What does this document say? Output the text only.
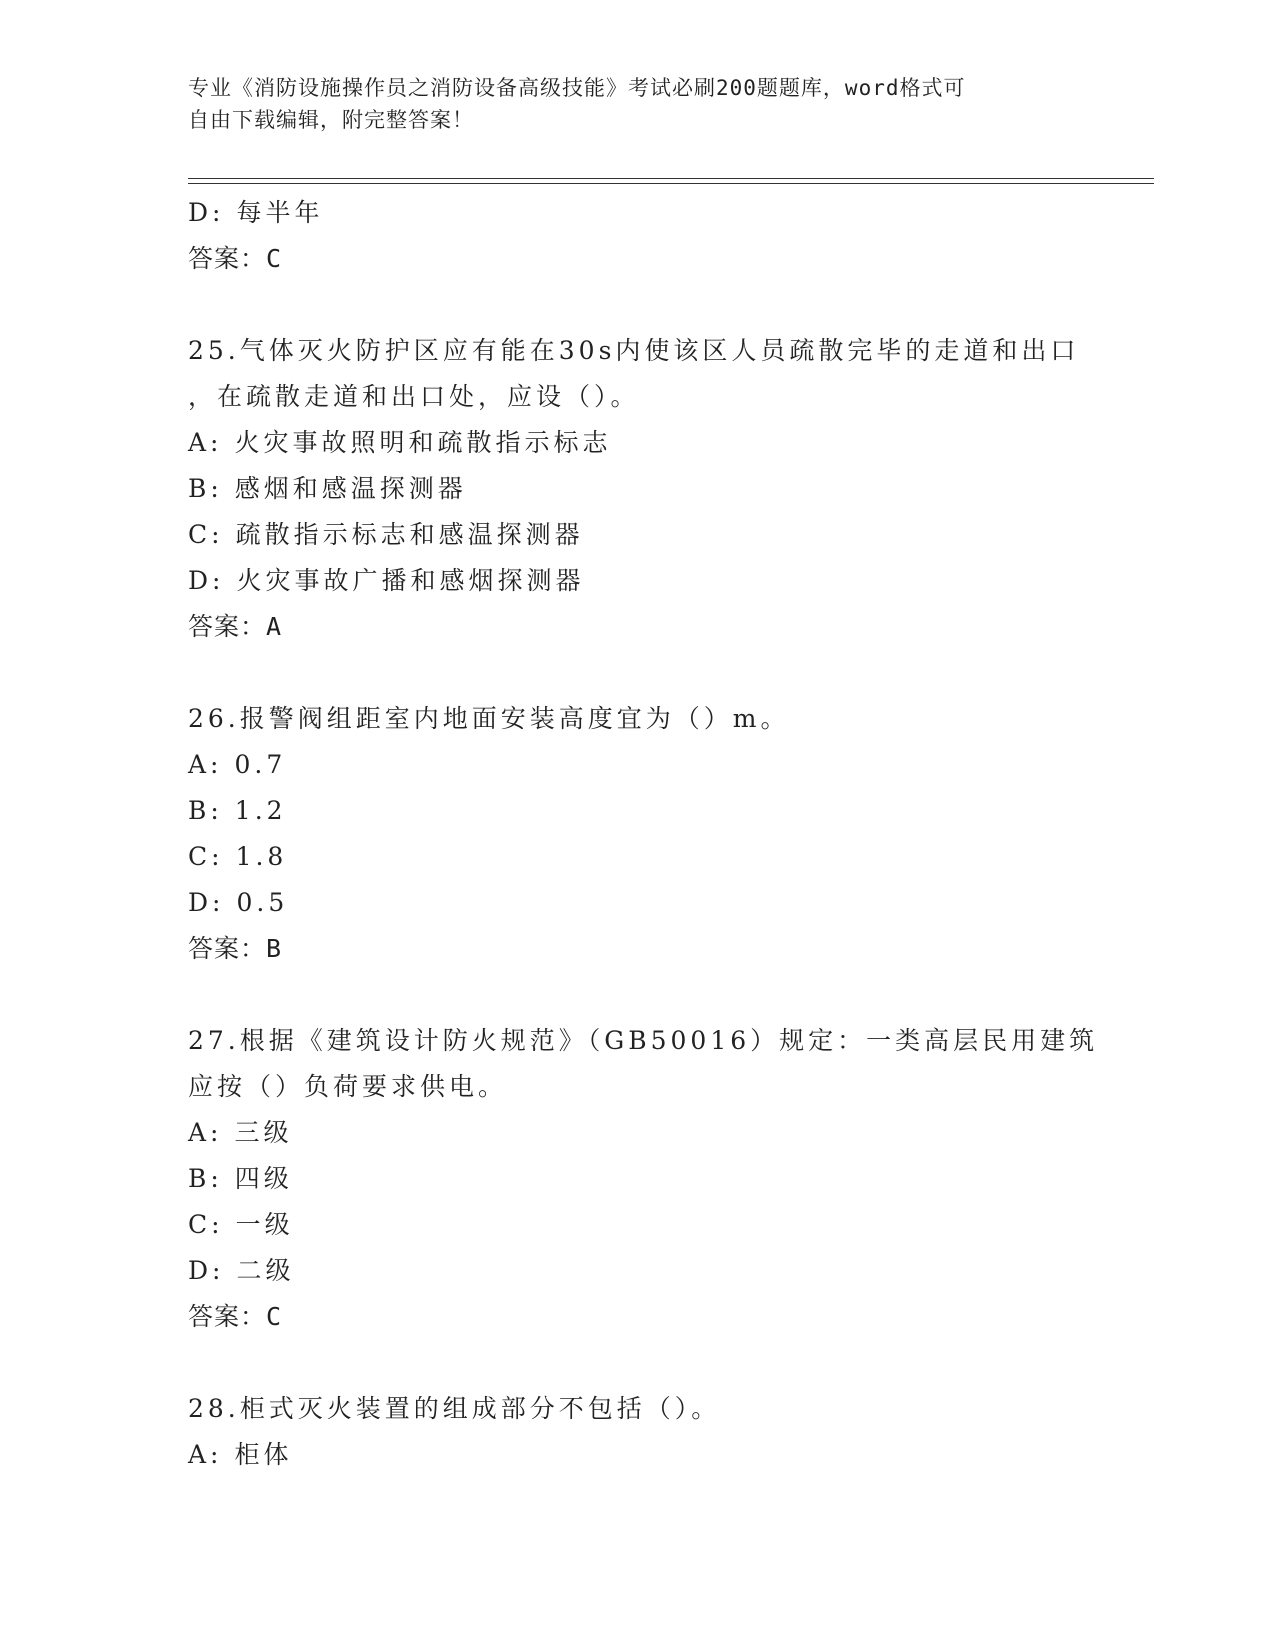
专业《消防设施操作员之消防设备高级技能》考试必刷200题题库，word格式可
自由下载编辑，附完整答案！
D: 每半年
答案：C
25.气体灭火防护区应有能在30s内使该区人员疏散完毕的走道和出口
，在疏散走道和出口处，应设（）。
A: 火灾事故照明和疏散指示标志
B: 感烟和感温探测器
C: 疏散指示标志和感温探测器
D: 火灾事故广播和感烟探测器
答案：A
26.报警阀组距室内地面安装高度宜为（）m。
A: 0.7
B: 1.2
C: 1.8
D: 0.5
答案：B
27.根据《建筑设计防火规范》（GB50016）规定：一类高层民用建筑
应按（）负荷要求供电。
A: 三级
B: 四级
C: 一级
D: 二级
答案：C
28.柜式灭火装置的组成部分不包括（）。
A: 柜体
